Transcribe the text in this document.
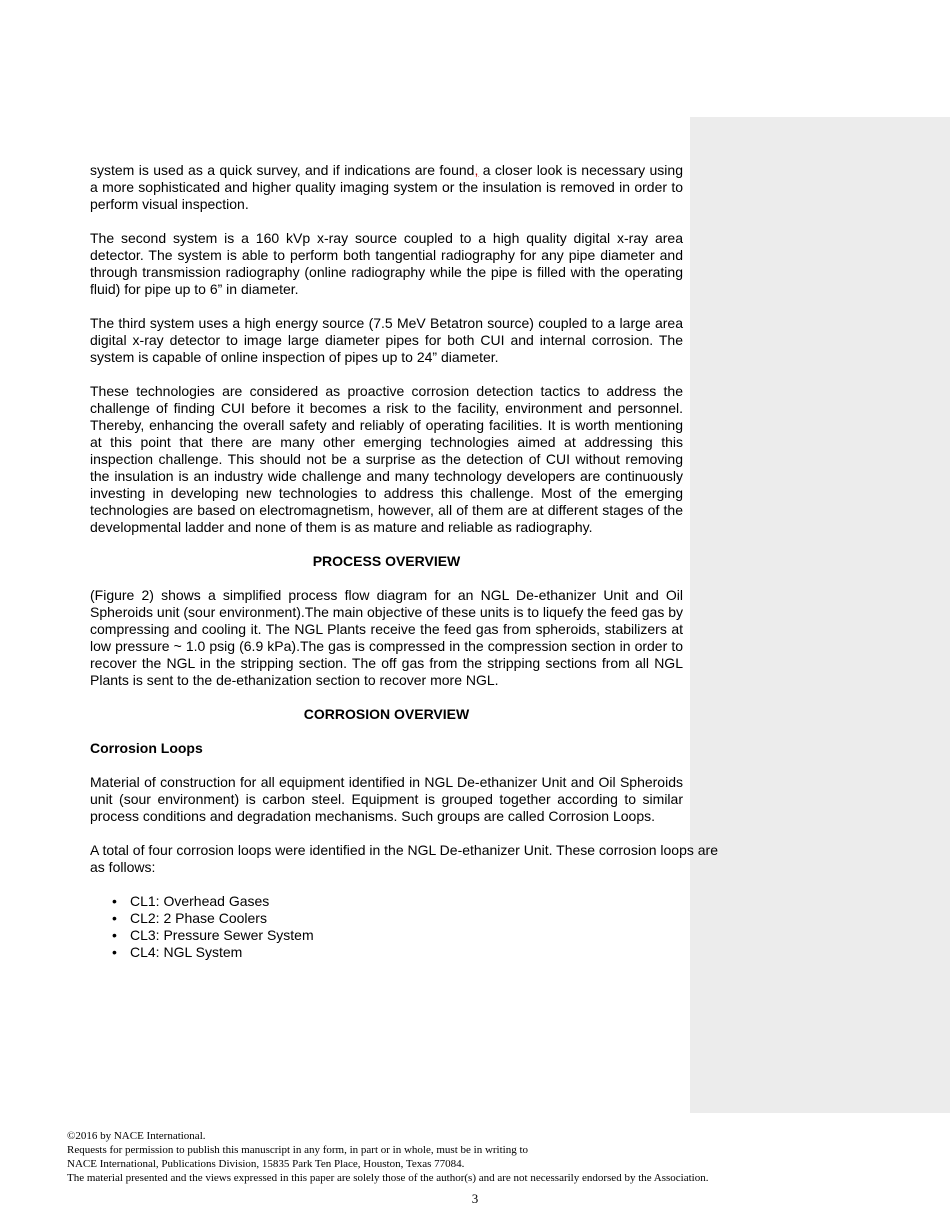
system is used as a quick survey, and if indications are found, a closer look is necessary using a more sophisticated and higher quality imaging system or the insulation is removed in order to perform visual inspection.

The second system is a 160 kVp x-ray source coupled to a high quality digital x-ray area detector. The system is able to perform both tangential radiography for any pipe diameter and through transmission radiography (online radiography while the pipe is filled with the operating fluid) for pipe up to 6” in diameter.

The third system uses a high energy source (7.5 MeV Betatron source) coupled to a large area digital x-ray detector to image large diameter pipes for both CUI and internal corrosion. The system is capable of online inspection of pipes up to 24” diameter.

These technologies are considered as proactive corrosion detection tactics to address the challenge of finding CUI before it becomes a risk to the facility, environment and personnel. Thereby, enhancing the overall safety and reliably of operating facilities. It is worth mentioning at this point that there are many other emerging technologies aimed at addressing this inspection challenge. This should not be a surprise as the detection of CUI without removing the insulation is an industry wide challenge and many technology developers are continuously investing in developing new technologies to address this challenge. Most of the emerging technologies are based on electromagnetism, however, all of them are at different stages of the developmental ladder and none of them is as mature and reliable as radiography.

PROCESS OVERVIEW

(Figure 2) shows a simplified process flow diagram for an NGL De-ethanizer Unit and Oil Spheroids unit (sour environment).The main objective of these units is to liquefy the feed gas by compressing and cooling it. The NGL Plants receive the feed gas from spheroids, stabilizers at low pressure ~ 1.0 psig (6.9 kPa).The gas is compressed in the compression section in order to recover the NGL in the stripping section. The off gas from the stripping sections from all NGL Plants is sent to the de-ethanization section to recover more NGL.

CORROSION OVERVIEW
Corrosion Loops

Material of construction for all equipment identified in NGL De-ethanizer Unit and Oil Spheroids unit (sour environment) is carbon steel. Equipment is grouped together according to similar process conditions and degradation mechanisms. Such groups are called Corrosion Loops.

A total of four corrosion loops were identified in the NGL De-ethanizer Unit. These corrosion loops are as follows:

• CL1: Overhead Gases
• CL2: 2 Phase Coolers
• CL3: Pressure Sewer System
• CL4: NGL System
©2016 by NACE International.
Requests for permission to publish this manuscript in any form, in part or in whole, must be in writing to
NACE International, Publications Division, 15835 Park Ten Place, Houston, Texas 77084.
The material presented and the views expressed in this paper are solely those of the author(s) and are not necessarily endorsed by the Association.
3
